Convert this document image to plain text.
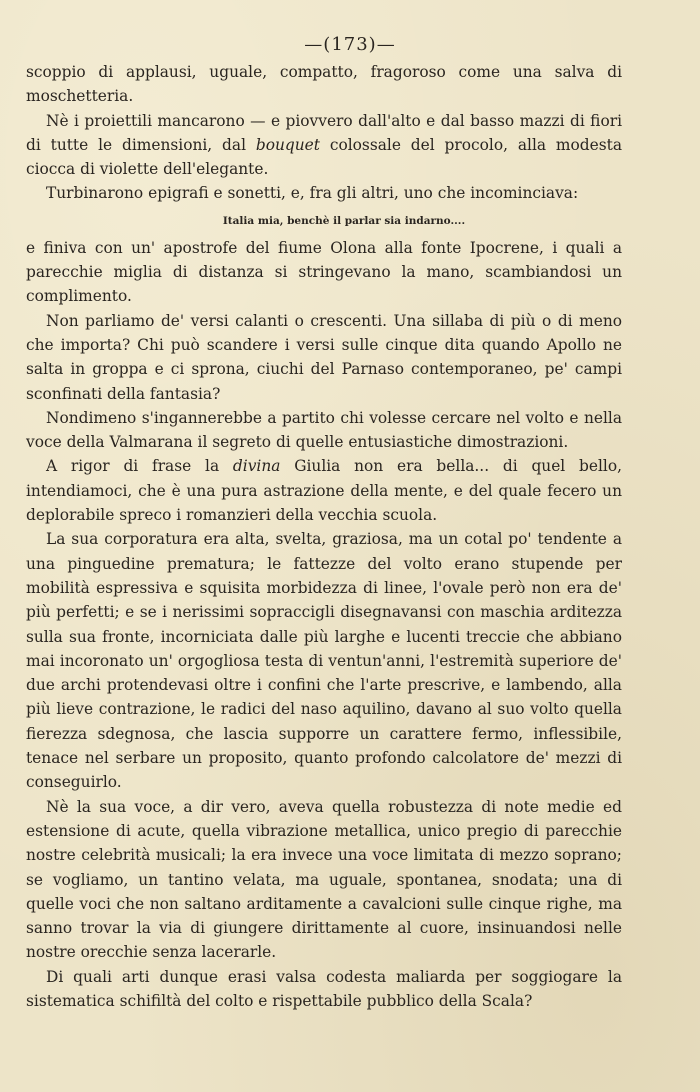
—(173)—

scoppio di applausi, uguale, compatto, fragoroso come una salva di moschetteria.

Nè i proiettili mancarono — e piovvero dall'alto e dal basso mazzi di fiori di tutte le dimensioni, dal bouquet colossale del procolo, alla modesta ciocca di violette dell'elegante.

Turbinarono epigrafi e sonetti, e, fra gli altri, uno che incominciava:

Italia mia, benchè il parlar sia indarno....

e finiva con un' apostrofe del fiume Olona alla fonte Ipocrene, i quali a parecchie miglia di distanza si stringevano la mano, scambiandosi un complimento.

Non parliamo de' versi calanti o crescenti. Una sillaba di più o di meno che importa? Chi può scandere i versi sulle cinque dita quando Apollo ne salta in groppa e ci sprona, ciuchi del Parnaso contemporaneo, pe' campi sconfinati della fantasia?

Nondimeno s'ingannerebbe a partito chi volesse cercare nel volto e nella voce della Valmarana il segreto di quelle entusiastiche dimostrazioni.

A rigor di frase la divina Giulia non era bella... di quel bello, intendiamoci, che è una pura astrazione della mente, e del quale fecero un deplorabile spreco i romanzieri della vecchia scuola.

La sua corporatura era alta, svelta, graziosa, ma un cotal po' tendente a una pinguedine prematura; le fattezze del volto erano stupende per mobilità espressiva e squisita morbidezza di linee, l'ovale però non era de' più perfetti; e se i nerissimi sopraccigli disegnavansi con maschia arditezza sulla sua fronte, incorniciata dalle più larghe e lucenti treccie che abbiano mai incoronato un' orgogliosa testa di ventun'anni, l'estremità superiore de' due archi protendevasi oltre i confini che l'arte prescrive, e lambendo, alla più lieve contrazione, le radici del naso aquilino, davano al suo volto quella fierezza sdegnosa, che lascia supporre un carattere fermo, inflessibile, tenace nel serbare un proposito, quanto profondo calcolatore de' mezzi di conseguirlo.

Nè la sua voce, a dir vero, aveva quella robustezza di note medie ed estensione di acute, quella vibrazione metallica, unico pregio di parecchie nostre celebrità musicali; la era invece una voce limitata di mezzo soprano; se vogliamo, un tantino velata, ma uguale, spontanea, snodata; una di quelle voci che non saltano arditamente a cavalcioni sulle cinque righe, ma sanno trovar la via di giungere dirittamente al cuore, insinuandosi nelle nostre orecchie senza lacerarle.

Di quali arti dunque erasi valsa codesta maliarda per soggiogare la sistematica schifiltà del colto e rispettabile pubblico della Scala?
